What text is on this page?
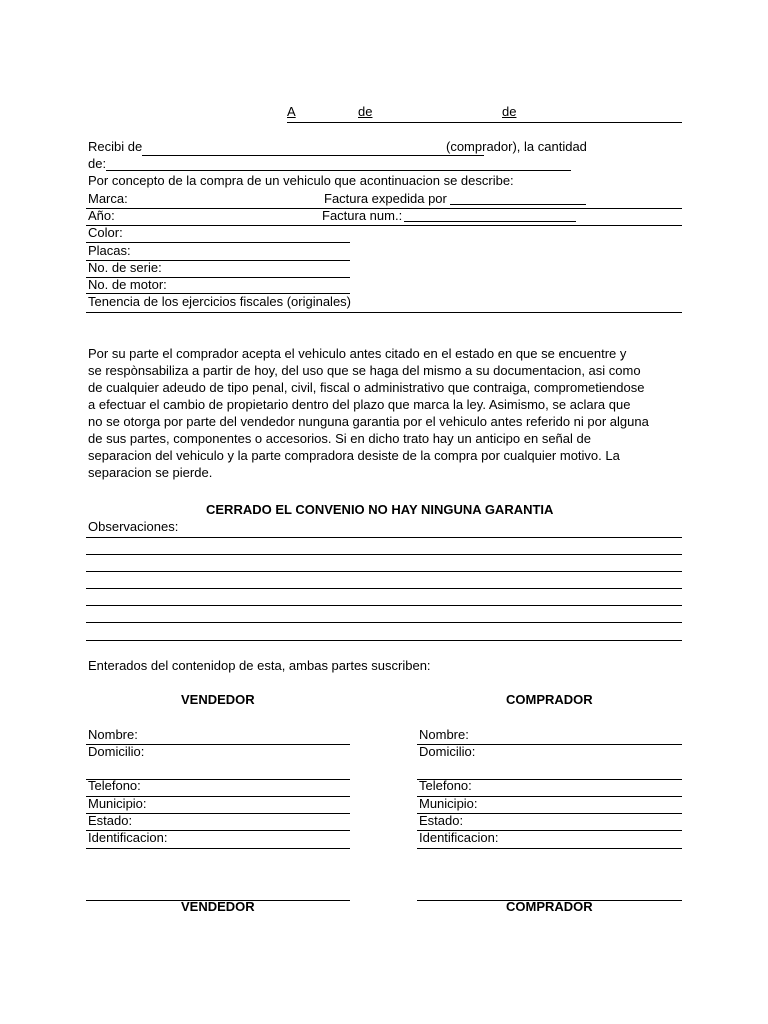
A	de	de
Recibi de	(comprador), la cantidad
de:
Por concepto de la compra de un vehiculo que acontinuacion se describe:
Marca:	Factura expedida por
Año:	Factura num.:
Color:
Placas:
No. de serie:
No. de motor:
Tenencia de los ejercicios fiscales (originales)
Por su parte el comprador acepta el vehiculo antes citado en el estado en que se encuentre y
se respònsabiliza a partir de hoy, del uso que se haga del mismo a su documentacion, asi como
de cualquier adeudo de tipo penal, civil, fiscal o administrativo que contraiga, comprometiendose
a efectuar el cambio de propietario dentro del plazo que marca la ley. Asimismo, se aclara que
no se otorga por parte del vendedor nunguna garantia por el vehiculo antes referido ni por alguna
de sus partes, componentes o accesorios. Si en dicho trato hay un anticipo en señal de
separacion del vehiculo y la parte compradora desiste de la compra por cualquier motivo. La
separacion se pierde.
CERRADO EL CONVENIO NO HAY NINGUNA GARANTIA
Observaciones:
Enterados del contenidop de esta, ambas partes suscriben:
VENDEDOR
Nombre:
Domicilio:
Telefono:
Municipio:
Estado:
Identificacion:
COMPRADOR
Nombre:
Domicilio:
Telefono:
Municipio:
Estado:
Identificacion:
VENDEDOR	COMPRADOR
